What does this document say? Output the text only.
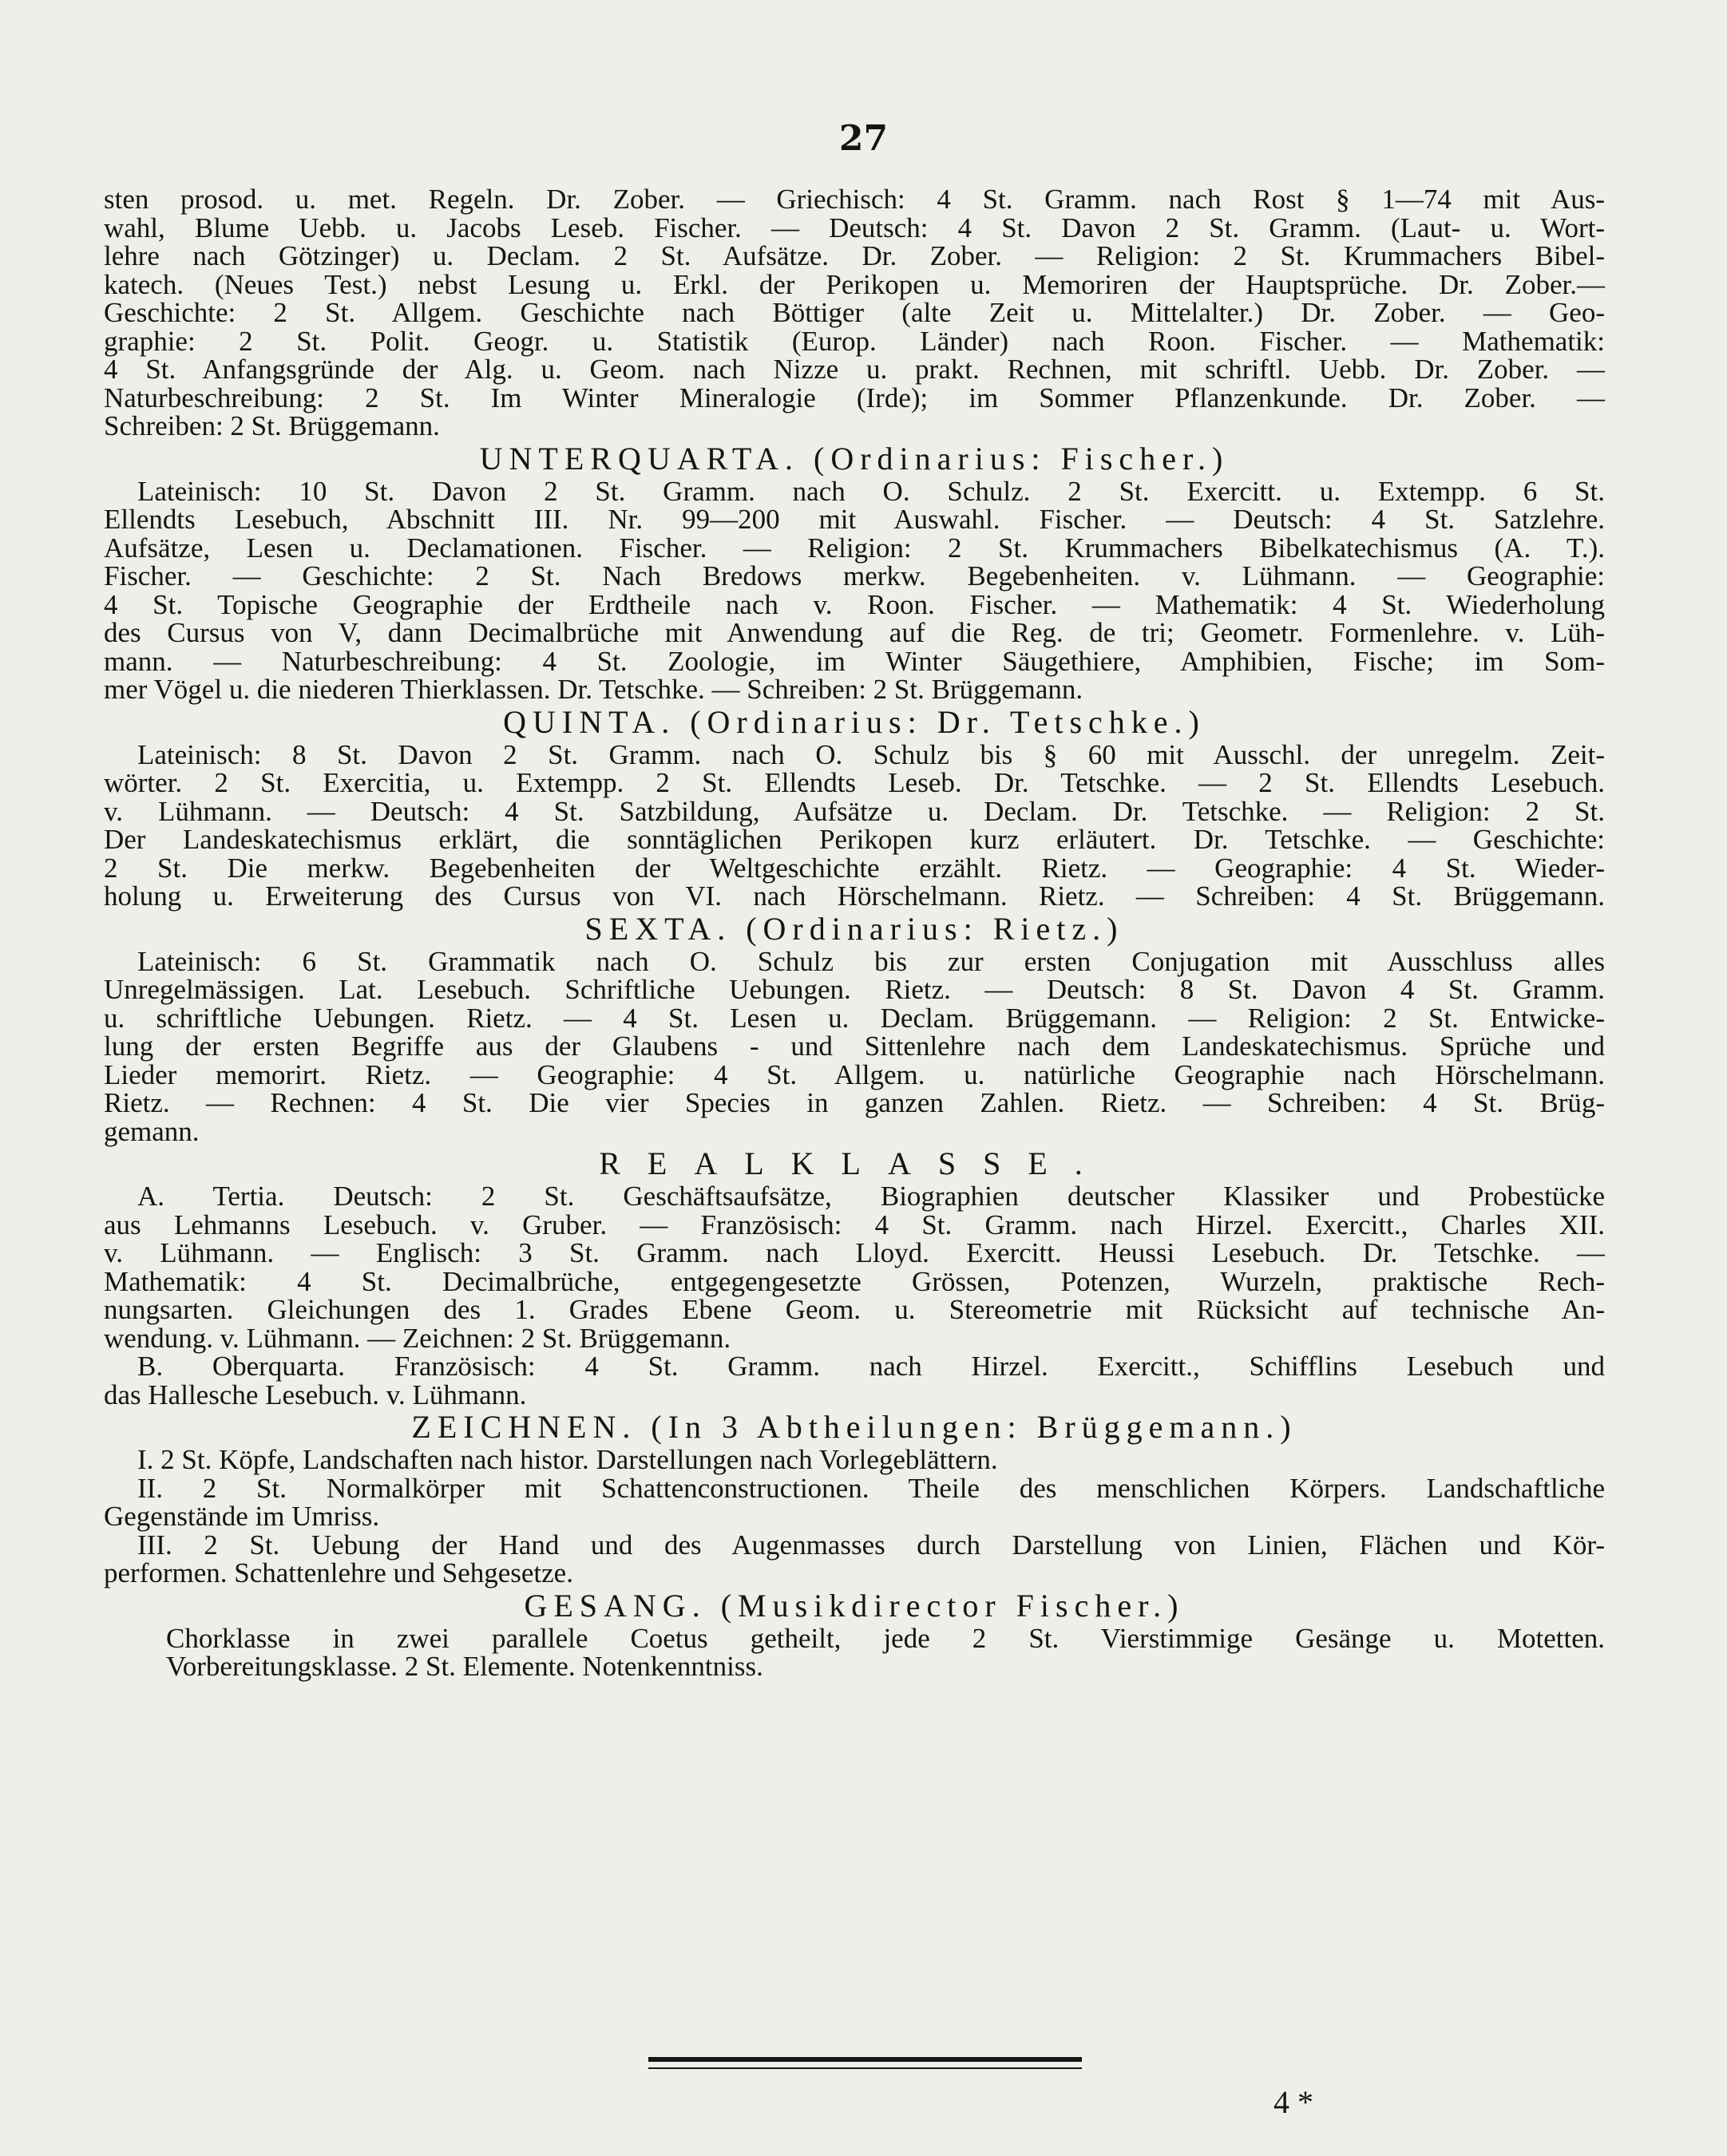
27
sten prosod. u. met. Regeln. Dr. Zober. — Griechisch: 4 St. Gramm. nach Rost § 1—74 mit Aus-
wahl, Blume Uebb. u. Jacobs Leseb. Fischer. — Deutsch: 4 St. Davon 2 St. Gramm. (Laut- u. Wort-
lehre nach Götzinger) u. Declam. 2 St. Aufsätze. Dr. Zober. — Religion: 2 St. Krummachers Bibel-
katech. (Neues Test.) nebst Lesung u. Erkl. der Perikopen u. Memoriren der Hauptsprüche. Dr. Zober.—
Geschichte: 2 St. Allgem. Geschichte nach Böttiger (alte Zeit u. Mittelalter.) Dr. Zober. — Geo-
graphie: 2 St. Polit. Geogr. u. Statistik (Europ. Länder) nach Roon. Fischer. — Mathematik:
4 St. Anfangsgründe der Alg. u. Geom. nach Nizze u. prakt. Rechnen, mit schriftl. Uebb. Dr. Zober. —
Naturbeschreibung: 2 St. Im Winter Mineralogie (Irde); im Sommer Pflanzenkunde. Dr. Zober. —
Schreiben: 2 St. Brüggemann.
UNTERQUARTA. (Ordinarius: Fischer.)
Lateinisch: 10 St. Davon 2 St. Gramm. nach O. Schulz. 2 St. Exercitt. u. Extempp. 6 St.
Ellendts Lesebuch, Abschnitt III. Nr. 99—200 mit Auswahl. Fischer. — Deutsch: 4 St. Satzlehre.
Aufsätze, Lesen u. Declamationen. Fischer. — Religion: 2 St. Krummachers Bibelkatechismus (A. T.).
Fischer. — Geschichte: 2 St. Nach Bredows merkw. Begebenheiten. v. Lühmann. — Geographie:
4 St. Topische Geographie der Erdtheile nach v. Roon. Fischer. — Mathematik: 4 St. Wiederholung
des Cursus von V, dann Decimalbrüche mit Anwendung auf die Reg. de tri; Geometr. Formenlehre. v. Lüh-
mann. — Naturbeschreibung: 4 St. Zoologie, im Winter Säugethiere, Amphibien, Fische; im Som-
mer Vögel u. die niederen Thierklassen. Dr. Tetschke. — Schreiben: 2 St. Brüggemann.
QUINTA. (Ordinarius: Dr. Tetschke.)
Lateinisch: 8 St. Davon 2 St. Gramm. nach O. Schulz bis § 60 mit Ausschl. der unregelm. Zeit-
wörter. 2 St. Exercitia, u. Extempp. 2 St. Ellendts Leseb. Dr. Tetschke. — 2 St. Ellendts Lesebuch.
v. Lühmann. — Deutsch: 4 St. Satzbildung, Aufsätze u. Declam. Dr. Tetschke. — Religion: 2 St.
Der Landeskatechismus erklärt, die sonntäglichen Perikopen kurz erläutert. Dr. Tetschke. — Geschichte:
2 St. Die merkw. Begebenheiten der Weltgeschichte erzählt. Rietz. — Geographie: 4 St. Wieder-
holung u. Erweiterung des Cursus von VI. nach Hörschelmann. Rietz. — Schreiben: 4 St. Brüggemann.
SEXTA. (Ordinarius: Rietz.)
Lateinisch: 6 St. Grammatik nach O. Schulz bis zur ersten Conjugation mit Ausschluss alles
Unregelmässigen. Lat. Lesebuch. Schriftliche Uebungen. Rietz. — Deutsch: 8 St. Davon 4 St. Gramm.
u. schriftliche Uebungen. Rietz. — 4 St. Lesen u. Declam. Brüggemann. — Religion: 2 St. Entwicke-
lung der ersten Begriffe aus der Glaubens - und Sittenlehre nach dem Landeskatechismus. Sprüche und
Lieder memorirt. Rietz. — Geographie: 4 St. Allgem. u. natürliche Geographie nach Hörschelmann.
Rietz. — Rechnen: 4 St. Die vier Species in ganzen Zahlen. Rietz. — Schreiben: 4 St. Brüg-
gemann.
REALKLASSE.
A. Tertia. Deutsch: 2 St. Geschäftsaufsätze, Biographien deutscher Klassiker und Probestücke
aus Lehmanns Lesebuch. v. Gruber. — Französisch: 4 St. Gramm. nach Hirzel. Exercitt., Charles XII.
v. Lühmann. — Englisch: 3 St. Gramm. nach Lloyd. Exercitt. Heussi Lesebuch. Dr. Tetschke. —
Mathematik: 4 St. Decimalbrüche, entgegengesetzte Grössen, Potenzen, Wurzeln, praktische Rech-
nungsarten. Gleichungen des 1. Grades Ebene Geom. u. Stereometrie mit Rücksicht auf technische An-
wendung. v. Lühmann. — Zeichnen: 2 St. Brüggemann.
B. Oberquarta. Französisch: 4 St. Gramm. nach Hirzel. Exercitt., Schifflins Lesebuch und
das Hallesche Lesebuch. v. Lühmann.
ZEICHNEN. (In 3 Abtheilungen: Brüggemann.)
I. 2 St. Köpfe, Landschaften nach histor. Darstellungen nach Vorlegeblättern.
II. 2 St. Normalkörper mit Schattenconstructionen. Theile des menschlichen Körpers. Landschaftliche
Gegenstände im Umriss.
III. 2 St. Uebung der Hand und des Augenmasses durch Darstellung von Linien, Flächen und Kör-
performen. Schattenlehre und Sehgesetze.
GESANG. (Musikdirector Fischer.)
Chorklasse in zwei parallele Coetus getheilt, jede 2 St. Vierstimmige Gesänge u. Motetten.
Vorbereitungsklasse. 2 St. Elemente. Notenkenntniss.
4 *
